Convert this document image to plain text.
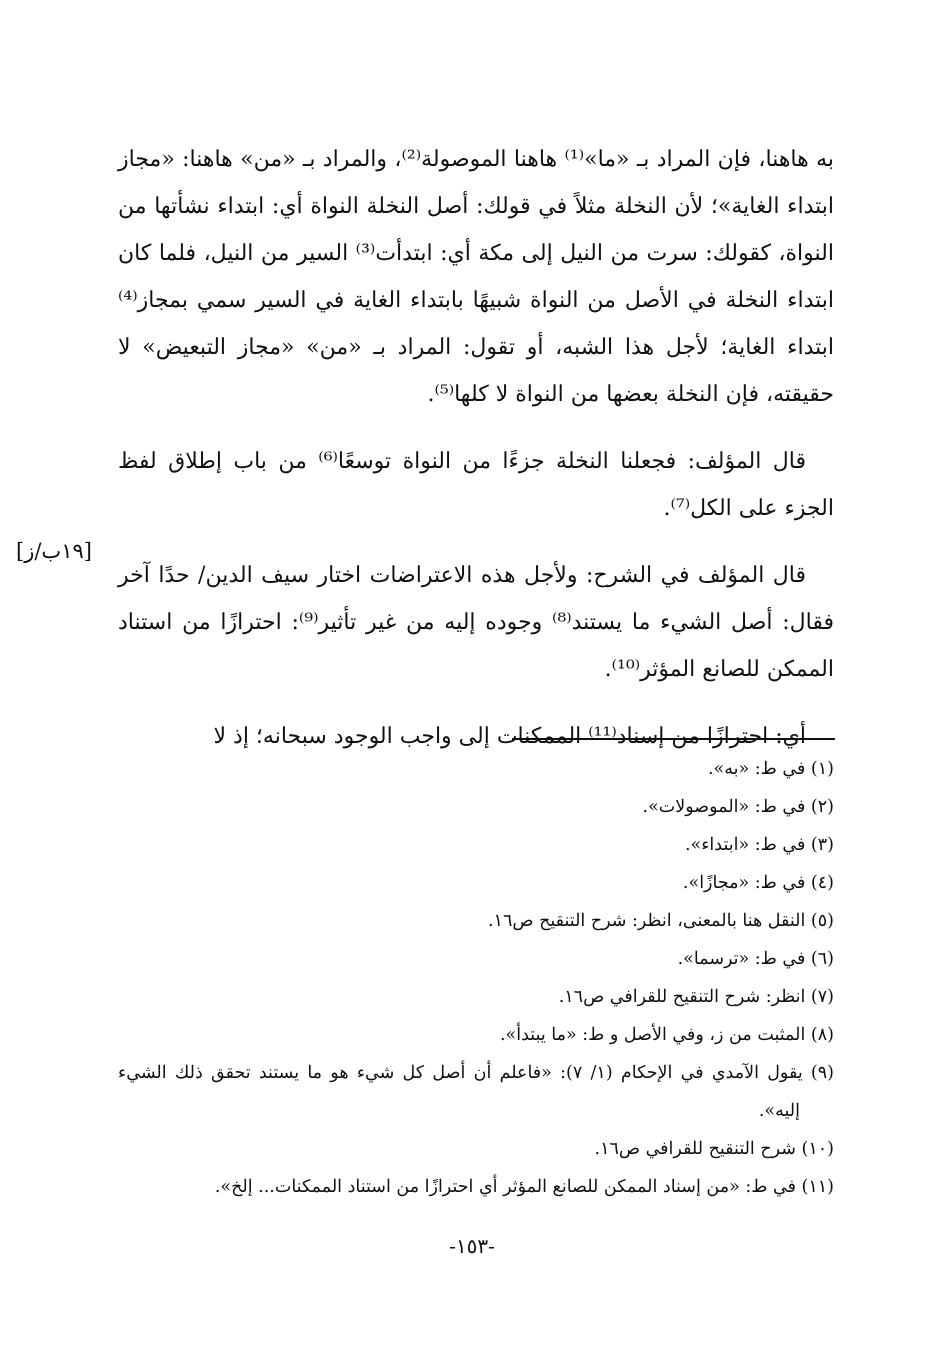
به هاهنا، فإن المراد بـ «ما»⁽¹⁾ هاهنا الموصولة⁽²⁾، والمراد بـ «من» هاهنا: «مجاز ابتداء الغاية»؛ لأن النخلة مثلاً في قولك: أصل النخلة النواة أي: ابتداء نشأتها من النواة، كقولك: سرت من النيل إلى مكة أي: ابتدأت⁽³⁾ السير من النيل، فلما كان ابتداء النخلة في الأصل من النواة شبيهًا بابتداء الغاية في السير سمي بمجاز⁽⁴⁾ ابتداء الغاية؛ لأجل هذا الشبه، أو تقول: المراد بـ «من» «مجاز التبعيض» لا حقيقته، فإن النخلة بعضها من النواة لا كلها⁽⁵⁾.

قال المؤلف: فجعلنا النخلة جزءًا من النواة توسعًا⁽⁶⁾ من باب إطلاق لفظ الجزء على الكل⁽⁷⁾.

قال المؤلف في الشرح: ولأجل هذه الاعتراضات اختار سيف الدين/ حدًا آخر فقال: أصل الشيء ما يستند⁽⁸⁾ وجوده إليه من غير تأثير⁽⁹⁾: احترازًا من استناد الممكن للصانع المؤثر⁽¹⁰⁾.

أي: احترازًا من إسناد⁽¹¹⁾ الممكنات إلى واجب الوجود سبحانه؛ إذ لا

[١٩ب/ز]

(١) في ط: «به».

(٢) في ط: «الموصولات».

(٣) في ط: «ابتداء».

(٤) في ط: «مجازًا».

(٥) النقل هنا بالمعنى، انظر: شرح التنقيح ص١٦.

(٦) في ط: «ترسما».

(٧) انظر: شرح التنقيح للقرافي ص١٦.

(٨) المثبت من ز، وفي الأصل و ط: «ما يبتدأ».

(٩) يقول الآمدي في الإحكام (١/ ٧): «فاعلم أن أصل كل شيء هو ما يستند تحقق ذلك الشيء إليه».

(١٠) شرح التنقيح للقرافي ص١٦.

(١١) في ط: «من إسناد الممكن للصانع المؤثر أي احترازًا من استناد الممكنات... إلخ».

-١٥٣-
